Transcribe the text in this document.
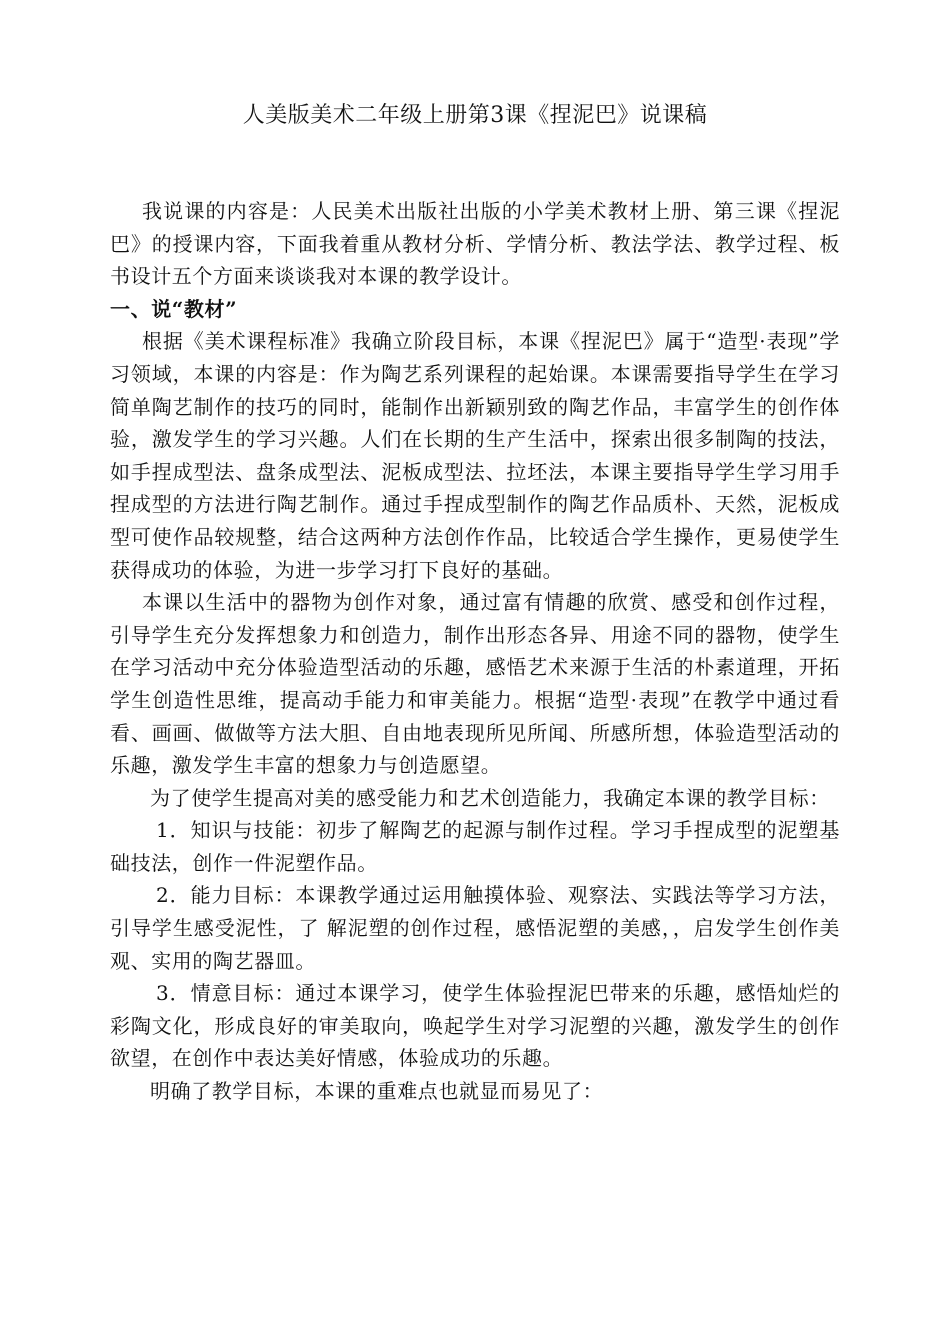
人美版美术二年级上册第3课《捏泥巴》说课稿

我说课的内容是：人民美术出版社出版的小学美术教材上册、第三课《捏泥巴》的授课内容，下面我着重从教材分析、学情分析、教法学法、教学过程、板书设计五个方面来谈谈我对本课的教学设计。

一、说“教材”

根据《美术课程标准》我确立阶段目标，本课《捏泥巴》属于“造型·表现”学习领域，本课的内容是：作为陶艺系列课程的起始课。本课需要指导学生在学习简单陶艺制作的技巧的同时，能制作出新颖别致的陶艺作品，丰富学生的创作体验，激发学生的学习兴趣。人们在长期的生产生活中，探索出很多制陶的技法，如手捏成型法、盘条成型法、泥板成型法、拉坯法，本课主要指导学生学习用手捏成型的方法进行陶艺制作。通过手捏成型制作的陶艺作品质朴、天然，泥板成型可使作品较规整，结合这两种方法创作作品，比较适合学生操作，更易使学生获得成功的体验，为进一步学习打下良好的基础。

本课以生活中的器物为创作对象，通过富有情趣的欣赏、感受和创作过程，引导学生充分发挥想象力和创造力，制作出形态各异、用途不同的器物，使学生在学习活动中充分体验造型活动的乐趣，感悟艺术来源于生活的朴素道理，开拓学生创造性思维，提高动手能力和审美能力。根据“造型·表现”在教学中通过看看、画画、做做等方法大胆、自由地表现所见所闻、所感所想，体验造型活动的乐趣，激发学生丰富的想象力与创造愿望。

为了使学生提高对美的感受能力和艺术创造能力，我确定本课的教学目标：

1．知识与技能：初步了解陶艺的起源与制作过程。学习手捏成型的泥塑基础技法，创作一件泥塑作品。

2．能力目标：本课教学通过运用触摸体验、观察法、实践法等学习方法，引导学生感受泥性，了 解泥塑的创作过程，感悟泥塑的美感，，启发学生创作美观、实用的陶艺器皿。

3．情意目标：通过本课学习，使学生体验捏泥巴带来的乐趣，感悟灿烂的彩陶文化，形成良好的审美取向，唤起学生对学习泥塑的兴趣，激发学生的创作欲望，在创作中表达美好情感，体验成功的乐趣。

明确了教学目标，本课的重难点也就显而易见了：
